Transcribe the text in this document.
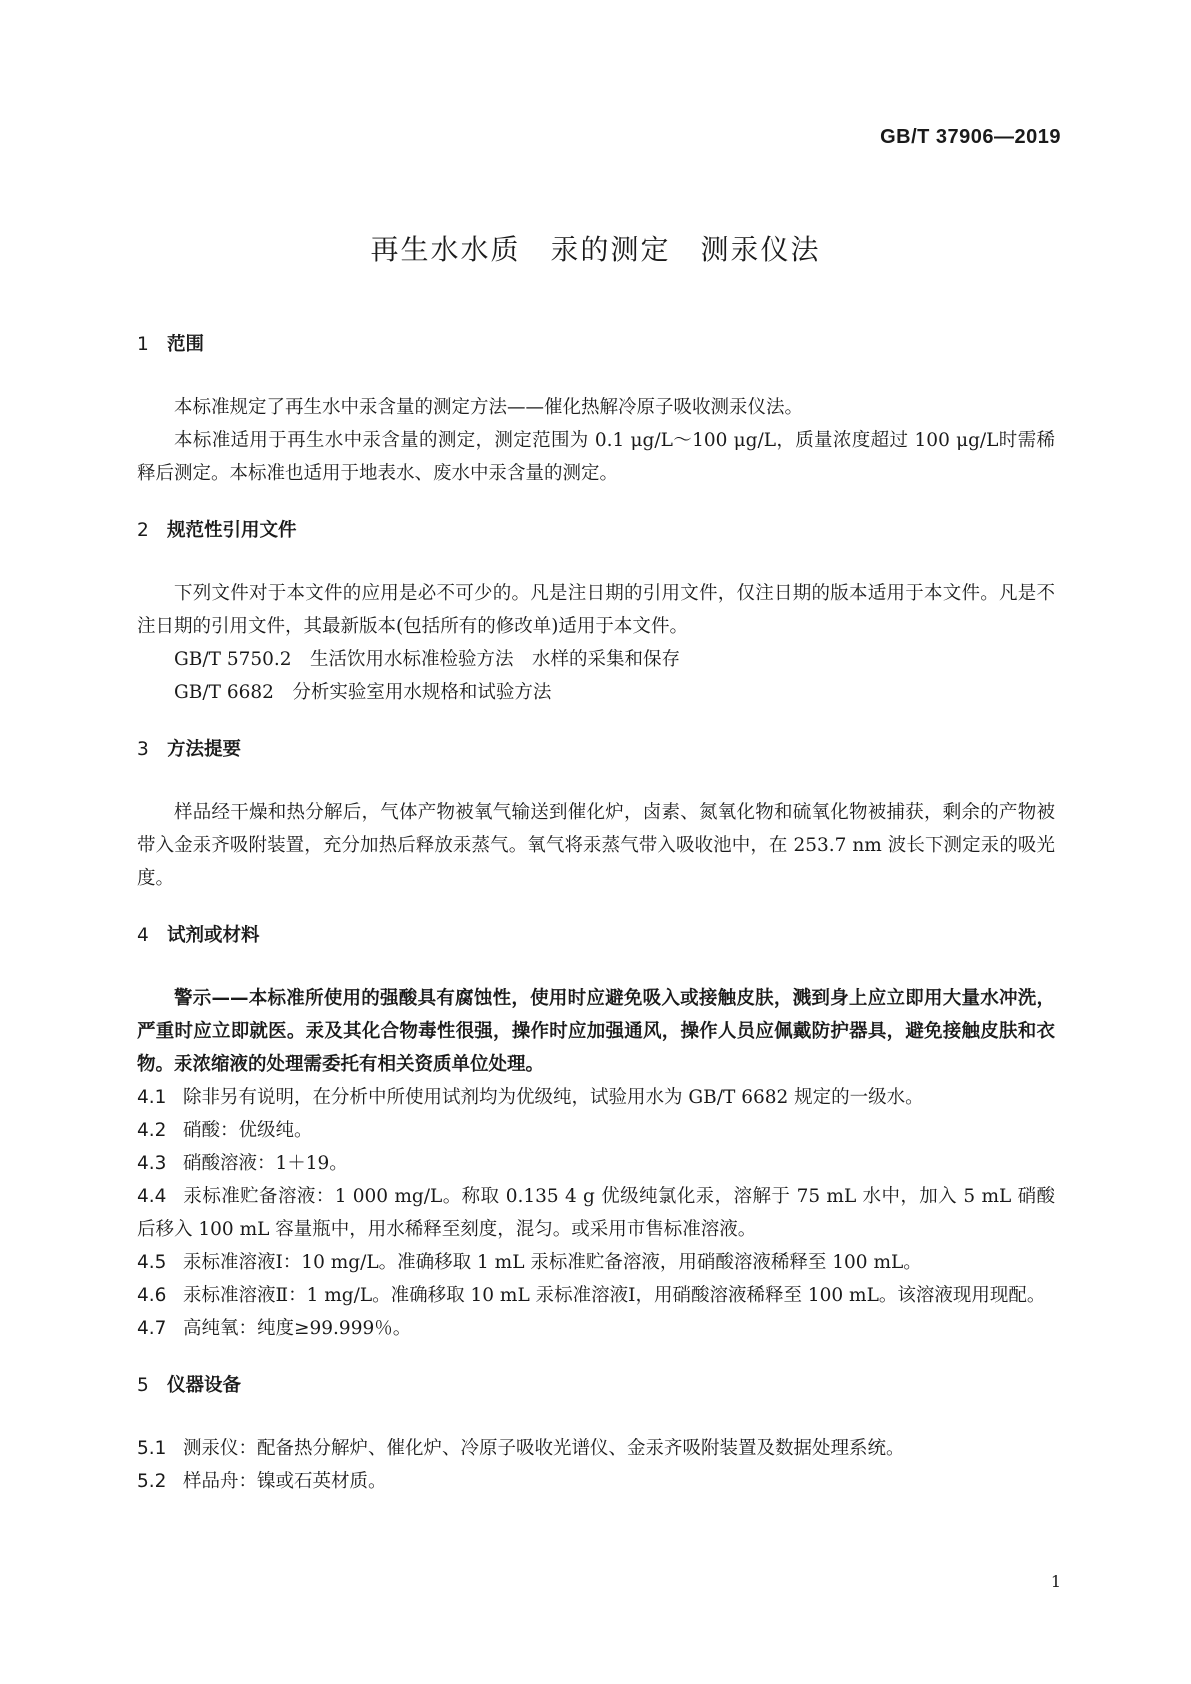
GB/T 37906—2019
再生水水质　汞的测定　测汞仪法
1 范围
本标准规定了再生水中汞含量的测定方法——催化热解冷原子吸收测汞仪法。
本标准适用于再生水中汞含量的测定，测定范围为 0.1 μg/L～100 μg/L，质量浓度超过 100 μg/L时需稀释后测定。本标准也适用于地表水、废水中汞含量的测定。
2 规范性引用文件
下列文件对于本文件的应用是必不可少的。凡是注日期的引用文件，仅注日期的版本适用于本文件。凡是不注日期的引用文件，其最新版本(包括所有的修改单)适用于本文件。
GB/T 5750.2　生活饮用水标准检验方法　水样的采集和保存
GB/T 6682　分析实验室用水规格和试验方法
3 方法提要
样品经干燥和热分解后，气体产物被氧气输送到催化炉，卤素、氮氧化物和硫氧化物被捕获，剩余的产物被带入金汞齐吸附装置，充分加热后释放汞蒸气。氧气将汞蒸气带入吸收池中，在 253.7 nm 波长下测定汞的吸光度。
4 试剂或材料
警示——本标准所使用的强酸具有腐蚀性，使用时应避免吸入或接触皮肤，溅到身上应立即用大量水冲洗，严重时应立即就医。汞及其化合物毒性很强，操作时应加强通风，操作人员应佩戴防护器具，避免接触皮肤和衣物。汞浓缩液的处理需委托有相关资质单位处理。
4.1 除非另有说明，在分析中所使用试剂均为优级纯，试验用水为 GB/T 6682 规定的一级水。
4.2 硝酸：优级纯。
4.3 硝酸溶液：1＋19。
4.4 汞标准贮备溶液：1 000 mg/L。称取 0.135 4 g 优级纯氯化汞，溶解于 75 mL 水中，加入 5 mL 硝酸后移入 100 mL 容量瓶中，用水稀释至刻度，混匀。或采用市售标准溶液。
4.5 汞标准溶液Ⅰ：10 mg/L。准确移取 1 mL 汞标准贮备溶液，用硝酸溶液稀释至 100 mL。
4.6 汞标准溶液Ⅱ：1 mg/L。准确移取 10 mL 汞标准溶液Ⅰ，用硝酸溶液稀释至 100 mL。该溶液现用现配。
4.7 高纯氧：纯度≥99.999％。
5 仪器设备
5.1 测汞仪：配备热分解炉、催化炉、冷原子吸收光谱仪、金汞齐吸附装置及数据处理系统。
5.2 样品舟：镍或石英材质。
1
